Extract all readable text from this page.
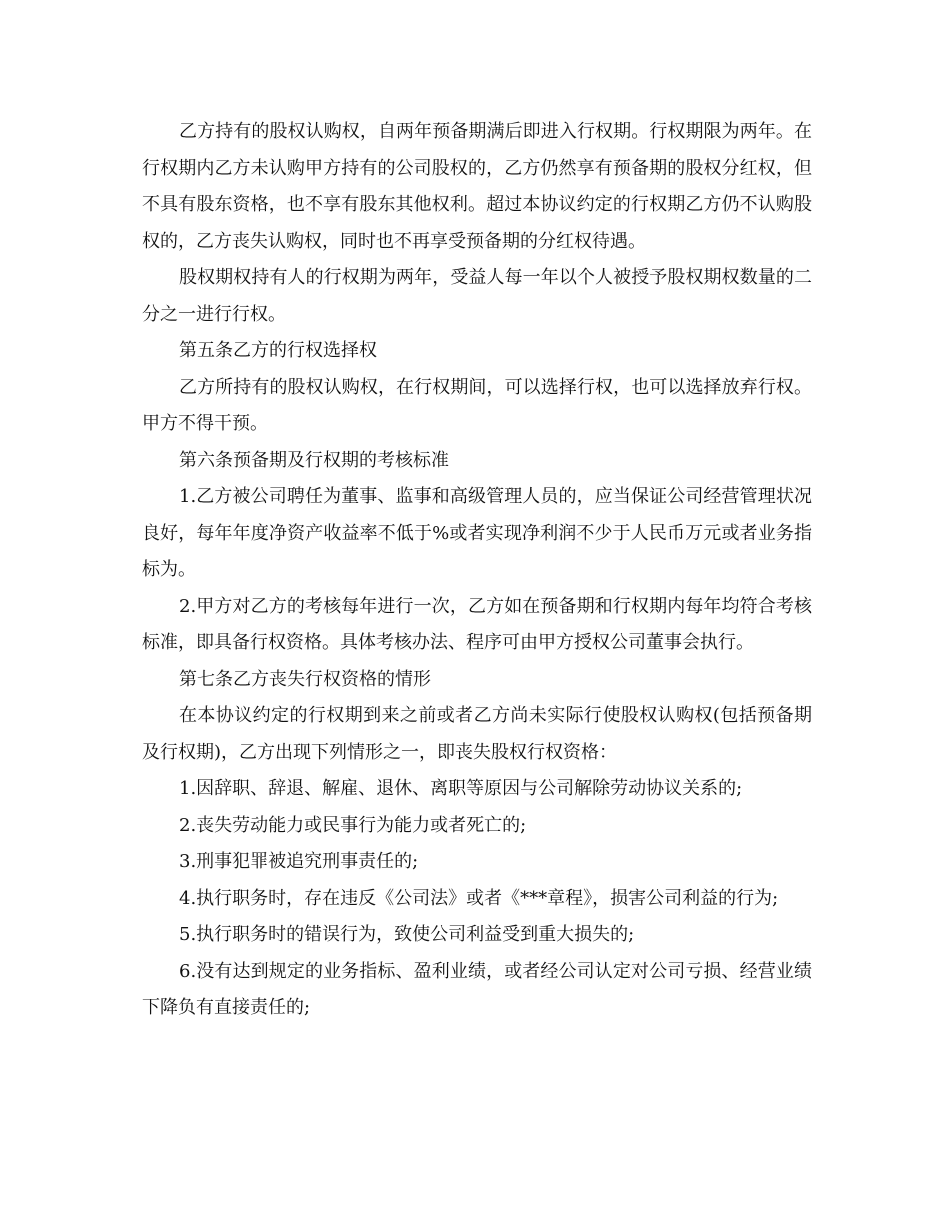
乙方持有的股权认购权，自两年预备期满后即进入行权期。行权期限为两年。在行权期内乙方未认购甲方持有的公司股权的，乙方仍然享有预备期的股权分红权，但不具有股东资格，也不享有股东其他权利。超过本协议约定的行权期乙方仍不认购股权的，乙方丧失认购权，同时也不再享受预备期的分红权待遇。

股权期权持有人的行权期为两年，受益人每一年以个人被授予股权期权数量的二分之一进行行权。

第五条乙方的行权选择权

乙方所持有的股权认购权，在行权期间，可以选择行权，也可以选择放弃行权。甲方不得干预。

第六条预备期及行权期的考核标准

1.乙方被公司聘任为董事、监事和高级管理人员的，应当保证公司经营管理状况良好，每年年度净资产收益率不低于%或者实现净利润不少于人民币万元或者业务指标为。

2.甲方对乙方的考核每年进行一次，乙方如在预备期和行权期内每年均符合考核标准，即具备行权资格。具体考核办法、程序可由甲方授权公司董事会执行。

第七条乙方丧失行权资格的情形

在本协议约定的行权期到来之前或者乙方尚未实际行使股权认购权(包括预备期及行权期)，乙方出现下列情形之一，即丧失股权行权资格：

1.因辞职、辞退、解雇、退休、离职等原因与公司解除劳动协议关系的;

2.丧失劳动能力或民事行为能力或者死亡的;

3.刑事犯罪被追究刑事责任的;

4.执行职务时，存在违反《公司法》或者《***章程》，损害公司利益的行为;

5.执行职务时的错误行为，致使公司利益受到重大损失的;

6.没有达到规定的业务指标、盈利业绩，或者经公司认定对公司亏损、经营业绩下降负有直接责任的;
